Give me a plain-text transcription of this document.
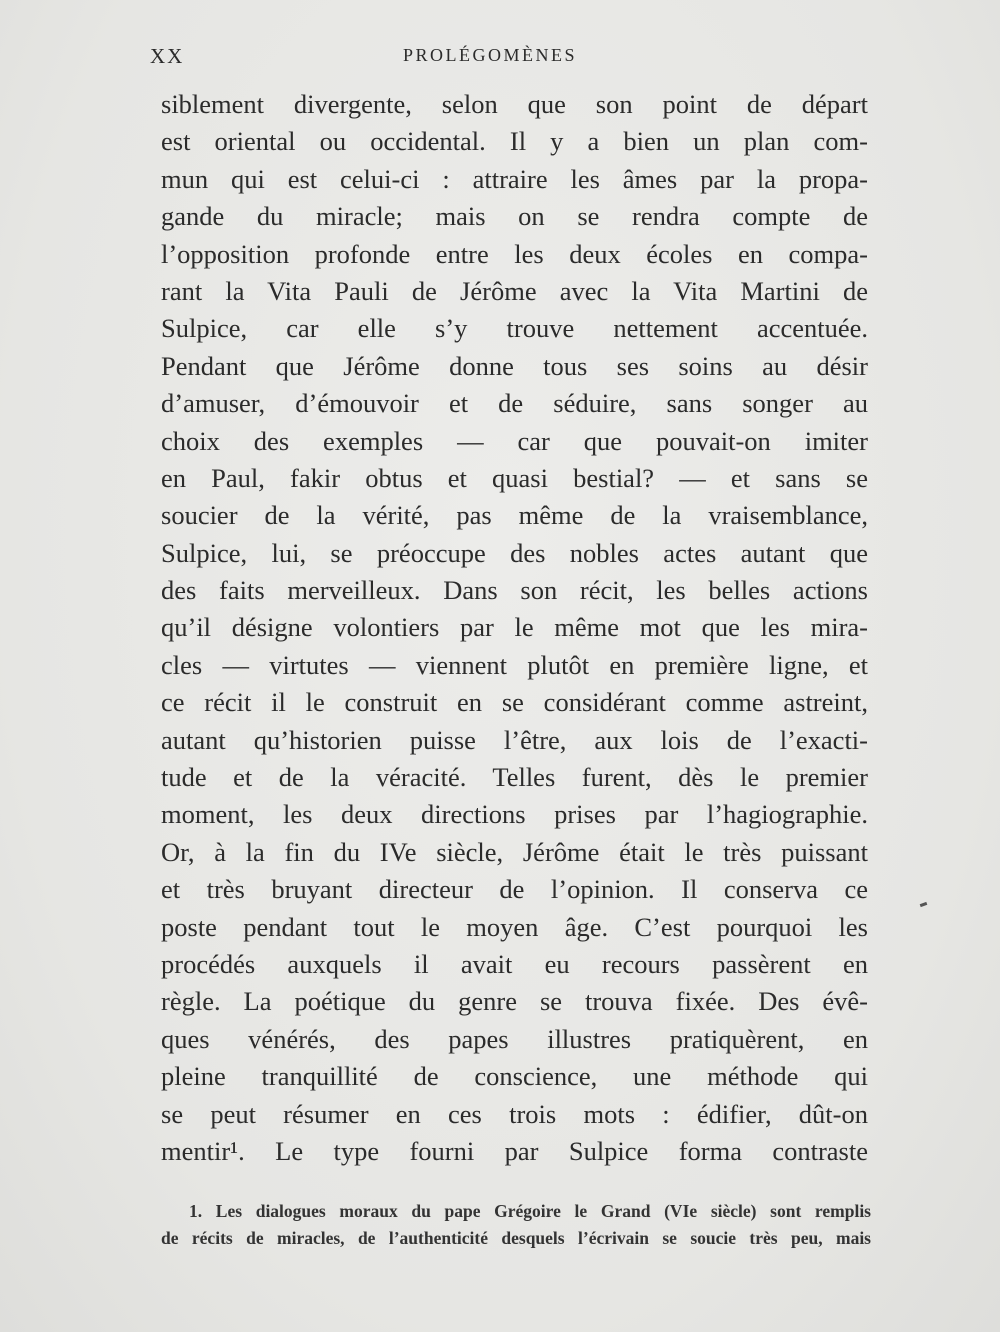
XX	PROLÉGOMÈNES
siblement divergente, selon que son point de départ
est oriental ou occidental. Il y a bien un plan com-
mun qui est celui-ci : attraire les âmes par la propa-
gande du miracle; mais on se rendra compte de
l’opposition profonde entre les deux écoles en compa-
rant la Vita Pauli de Jérôme avec la Vita Martini de
Sulpice, car elle s’y trouve nettement accentuée.
Pendant que Jérôme donne tous ses soins au désir
d’amuser, d’émouvoir et de séduire, sans songer au
choix des exemples — car que pouvait-on imiter
en Paul, fakir obtus et quasi bestial? — et sans se
soucier de la vérité, pas même de la vraisemblance,
Sulpice, lui, se préoccupe des nobles actes autant que
des faits merveilleux. Dans son récit, les belles actions
qu’il désigne volontiers par le même mot que les mira-
cles — virtutes — viennent plutôt en première ligne, et
ce récit il le construit en se considérant comme astreint,
autant qu’historien puisse l’être, aux lois de l’exacti-
tude et de la véracité. Telles furent, dès le premier
moment, les deux directions prises par l’hagiographie.
Or, à la fin du IVe siècle, Jérôme était le très puissant
et très bruyant directeur de l’opinion. Il conserva ce
poste pendant tout le moyen âge. C’est pourquoi les
procédés auxquels il avait eu recours passèrent en
règle. La poétique du genre se trouva fixée. Des évê-
ques vénérés, des papes illustres pratiquèrent, en
pleine tranquillité de conscience, une méthode qui
se peut résumer en ces trois mots : édifier, dût-on
mentir¹. Le type fourni par Sulpice forma contraste
1. Les dialogues moraux du pape Grégoire le Grand (VIe siècle) sont remplis
de récits de miracles, de l’authenticité desquels l’écrivain se soucie très peu, mais
